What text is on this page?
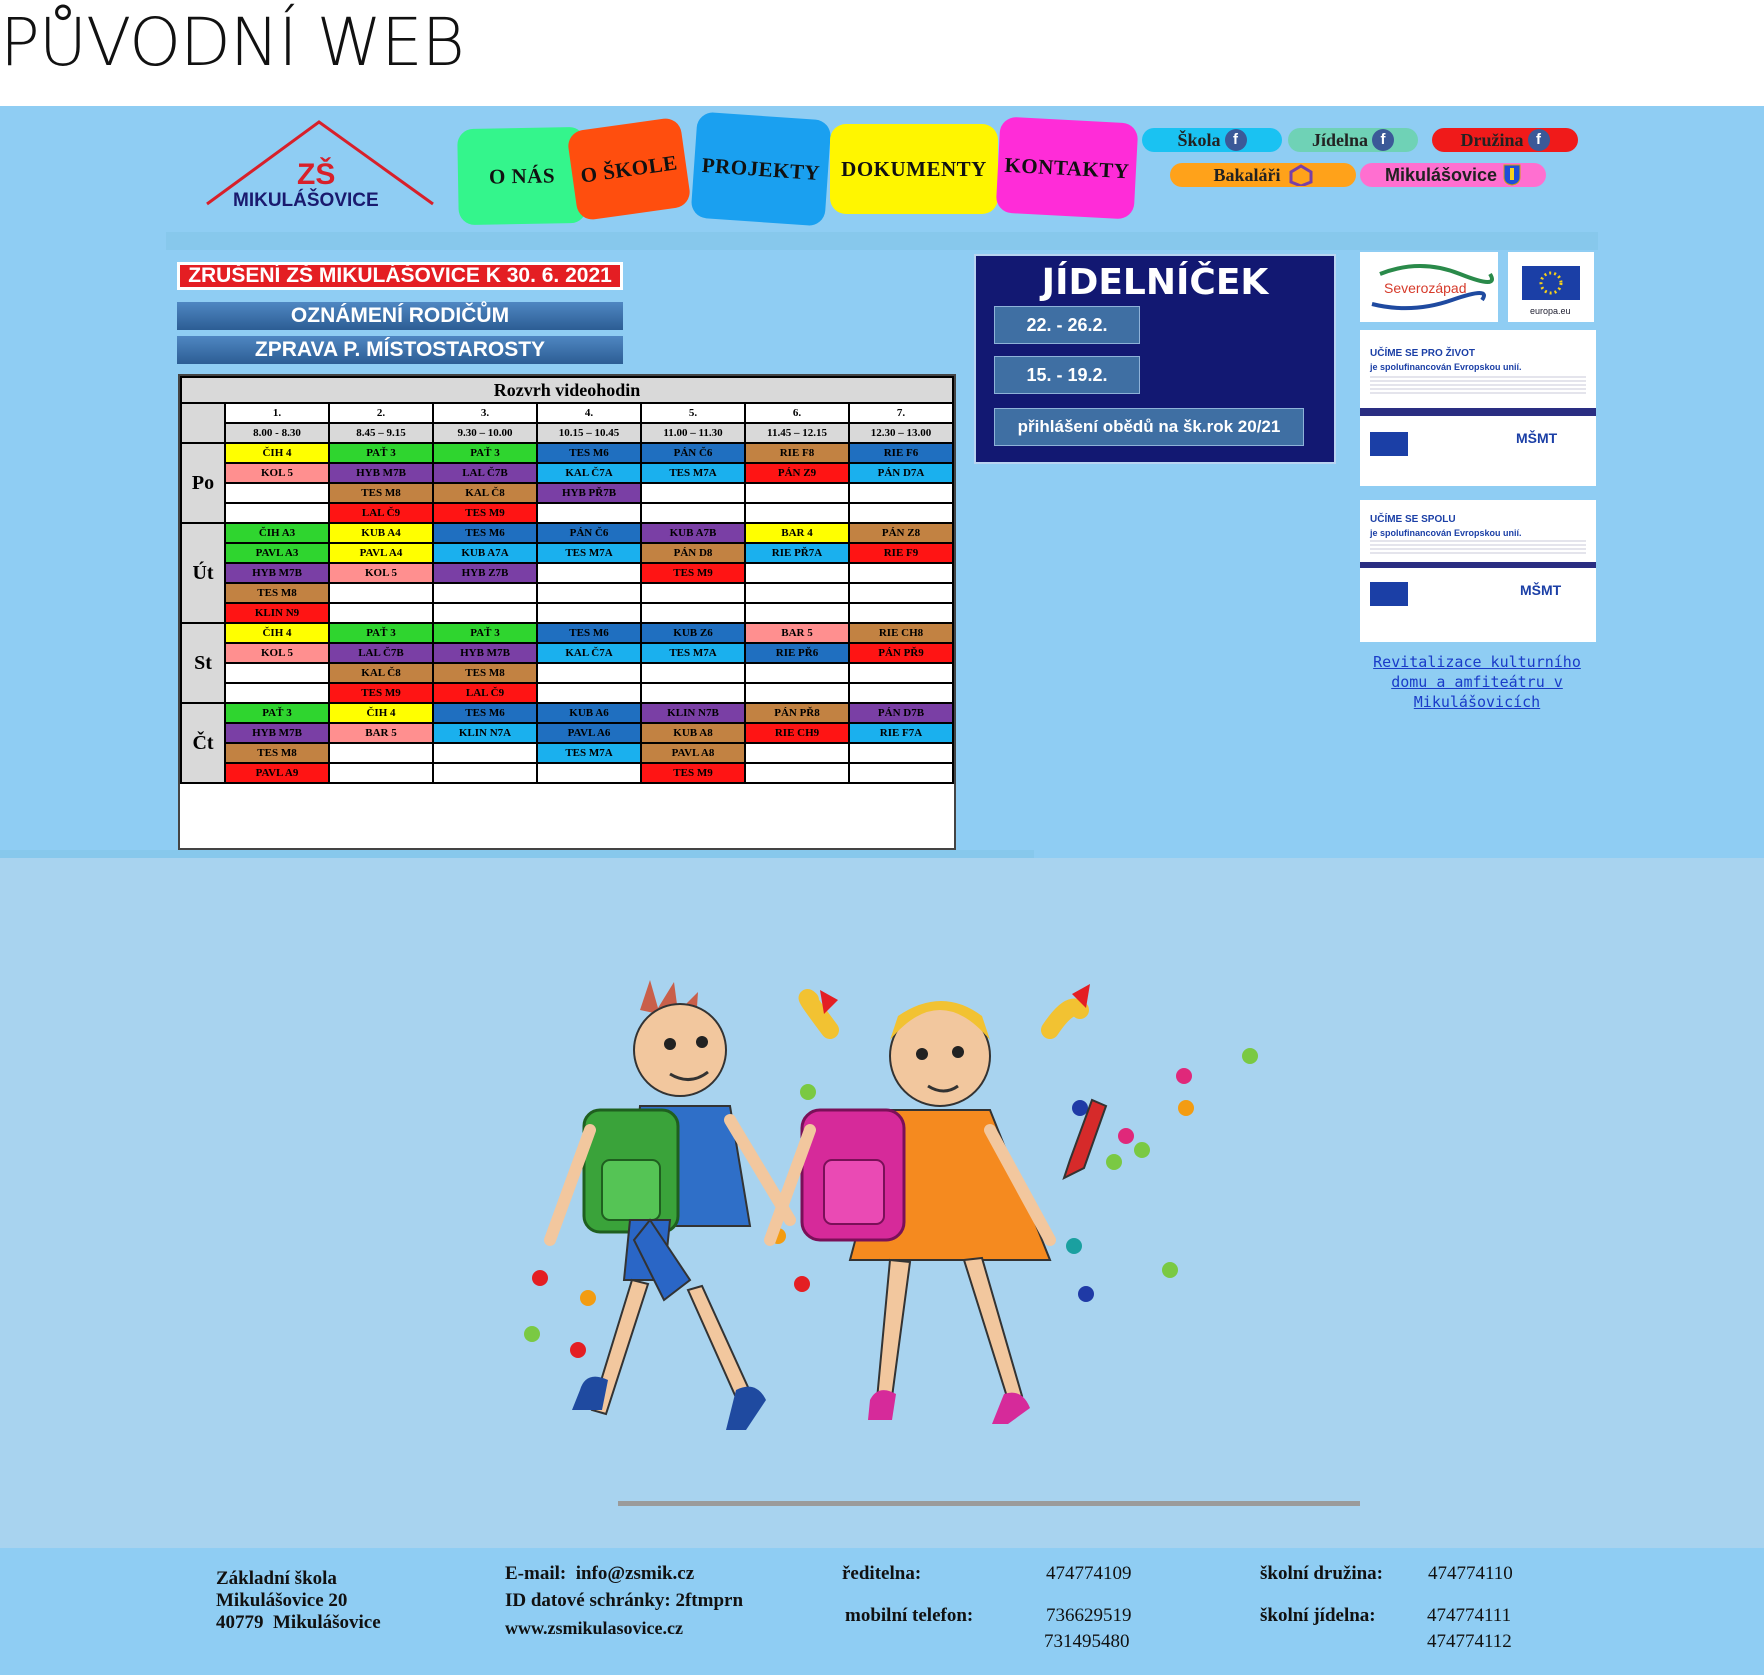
PŮVODNÍ WEB
ZŠ
MIKULÁŠOVICE
O NÁS O ŠKOLE PROJEKTY DOKUMENTY KONTAKTY
Škola f	Jídelna f	Družina f
Bakaláři	Mikulášovice
ZRUŠENÍ ZŠ MIKULÁŠOVICE K 30. 6. 2021
OZNÁMENÍ RODIČŮM
ZPRAVA P. MÍSTOSTAROSTY
Rozvrh videohodin							
	1.	2.	3.	4.	5.	6.	7.
	8.00 - 8.30	8.45 – 9.15	9.30 – 10.00	10.15 – 10.45	11.00 – 11.30	11.45 – 12.15	12.30 – 13.00
Po	ČIH 4	PAŤ 3	PAŤ 3	TES M6	PÁN Č6	RIE F8	RIE F6
	KOL 5	HYB M7B	LAL Č7B	KAL Č7A	TES M7A	PÁN Z9	PÁN D7A
		TES M8	KAL Č8	HYB PŘ7B			
		LAL Č9	TES M9				
Út	ČIH A3	KUB A4	TES M6	PÁN Č6	KUB A7B	BAR 4	PÁN Z8
	PAVL A3	PAVL A4	KUB A7A	TES M7A	PÁN D8	RIE PŘ7A	RIE F9
	HYB M7B	KOL 5	HYB Z7B		TES M9		
	TES M8						
	KLIN N9						
St	ČIH 4	PAŤ 3	PAŤ 3	TES M6	KUB Z6	BAR 5	RIE CH8
	KOL 5	LAL Č7B	HYB M7B	KAL Č7A	TES M7A	RIE PŘ6	PÁN PŘ9
		KAL Č8	TES M8				
		TES M9	LAL Č9				
Čt	PAŤ 3	ČIH 4	TES M6	KUB A6	KLIN N7B	PÁN PŘ8	PÁN D7B
	HYB M7B	BAR 5	KLIN N7A	PAVL A6	KUB A8	RIE CH9	RIE F7A
	TES M8			TES M7A	PAVL A8		
	PAVL A9				TES M9		
JÍDELNÍČEK
22. - 26.2.
15. - 19.2.
přihlášení obědů na šk.rok 20/21
Severozápad
europa.eu
UČÍME SE PRO ŽIVOT
je spolufinancován Evropskou unií.
MŠMT
UČÍME SE SPOLU
je spolufinancován Evropskou unií.
MŠMT
Revitalizace kulturního domu a amfiteátru v Mikulášovicích
Základní škola
Mikulášovice 20
40779  Mikulášovice
E-mail:  info@zsmik.cz
ID datové schránky: 2ftmprn
www.zsmikulasovice.cz
ředitelna:	474774109
mobilní telefon:	736629519
731495480
školní družina: 474774110
školní jídelna:	474774111
474774112
